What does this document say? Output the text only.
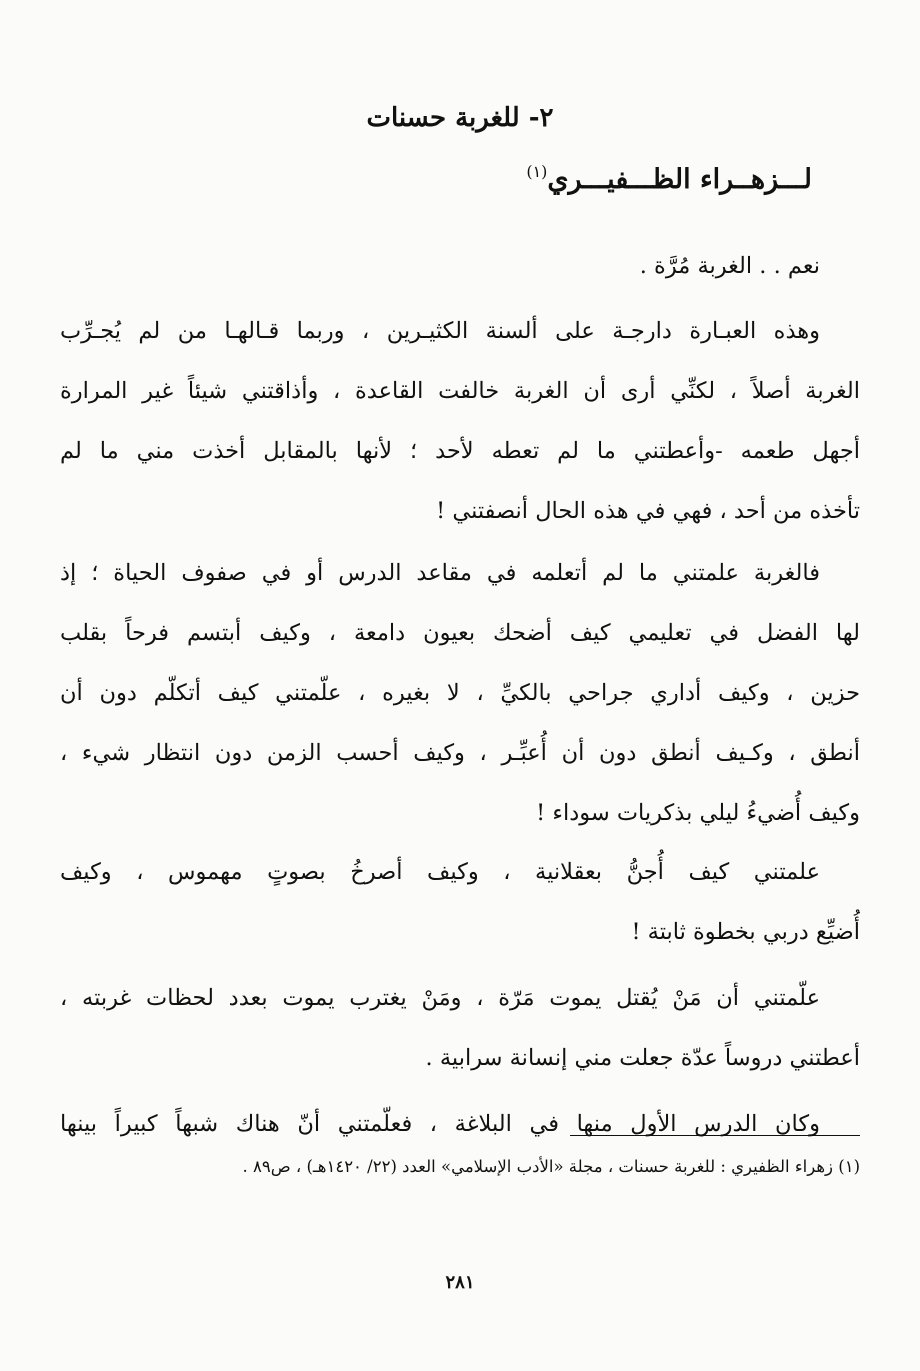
٢- للغربة حسنات
لـــزهــراء الظـــفيـــري$^{(١)}$
نعم . . الغربة مُرَّة .
وهذه العبـارة دارجـة على ألسنة الكثيـرين ، وربما قـالهـا من لم يُجـرِّب
الغربة أصلاً ، لكنِّي أرى أن الغربة خالفت القاعدة ، وأذاقتني شيئاً غير المرارة
أجهل طعمه -وأعطتني ما لم تعطه لأحد ؛ لأنها بالمقابل أخذت مني ما لم
تأخذه من أحد ، فهي في هذه الحال أنصفتني !
فالغربة علمتني ما لم أتعلمه في مقاعد الدرس أو في صفوف الحياة ؛ إذ
لها الفضل في تعليمي كيف أضحك بعيون دامعة ، وكيف أبتسم فرحاً بقلب
حزين ، وكيف أداري جراحي بالكيِّ ، لا بغيره ، علّمتني كيف أتكلّم دون أن
أنطق ، وكـيف أنطق دون أن أُعبِّـر ، وكيف أحسب الزمن دون انتظار شيء ،
وكيف أُضيءُ ليلي بذكريات سوداء !
علمتني كيف أُجنُّ بعقلانية ، وكيف أصرخُ بصوتٍ مهموس ، وكيف
أُضيِّع دربي بخطوة ثابتة !
علّمتني أن مَنْ يُقتل يموت مَرّة ، ومَنْ يغترب يموت بعدد لحظات غربته ،
أعطتني دروساً عدّة جعلت مني إنسانة سرابية .
وكان الدرس الأول منها في البلاغة ، فعلّمتني أنّ هناك شبهاً كبيراً بينها
(١) زهراء الظفيري : للغربة حسنات ، مجلة «الأدب الإسلامي» العدد (٢٢/ ١٤٢٠هـ) ، ص٨٩ .
٢٨١
